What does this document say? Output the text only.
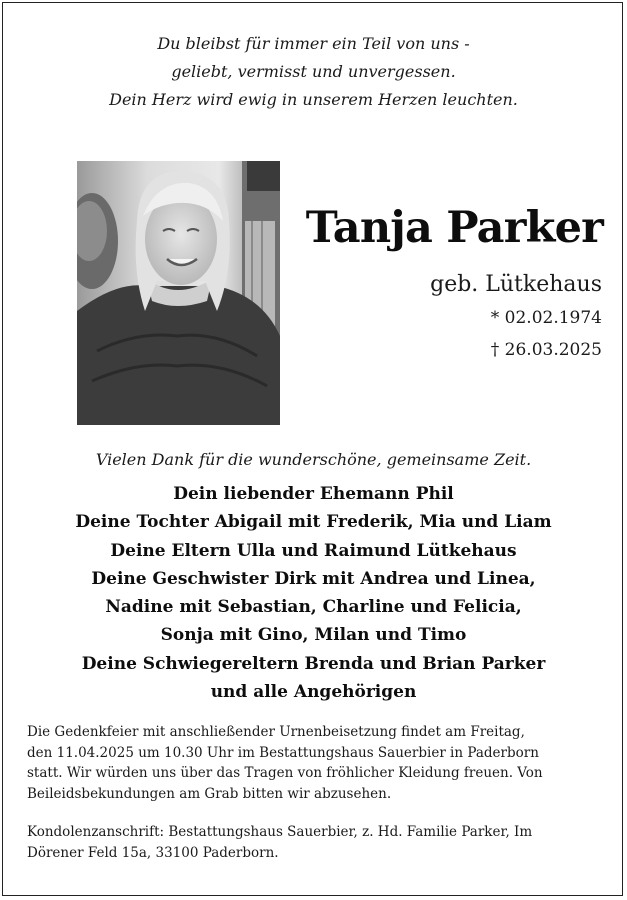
Du bleibst für immer ein Teil von uns -
geliebt, vermisst und unvergessen.
Dein Herz wird ewig in unserem Herzen leuchten.
Tanja Parker
geb. Lütkehaus
* 02.02.1974
† 26.03.2025
Vielen Dank für die wunderschöne, gemeinsame Zeit.
Dein liebender Ehemann Phil
Deine Tochter Abigail mit Frederik, Mia und Liam
Deine Eltern Ulla und Raimund Lütkehaus
Deine Geschwister Dirk mit Andrea und Linea,
Nadine mit Sebastian, Charline und Felicia,
Sonja mit Gino, Milan und Timo
Deine Schwiegereltern Brenda und Brian Parker
und alle Angehörigen
Die Gedenkfeier mit anschließender Urnenbeisetzung findet am Freitag,
den 11.04.2025 um 10.30 Uhr im Bestattungshaus Sauerbier in Paderborn
statt. Wir würden uns über das Tragen von fröhlicher Kleidung freuen. Von
Beileidsbekundungen am Grab bitten wir abzusehen.
Kondolenzanschrift: Bestattungshaus Sauerbier, z. Hd. Familie Parker, Im
Dörener Feld 15a, 33100 Paderborn.
